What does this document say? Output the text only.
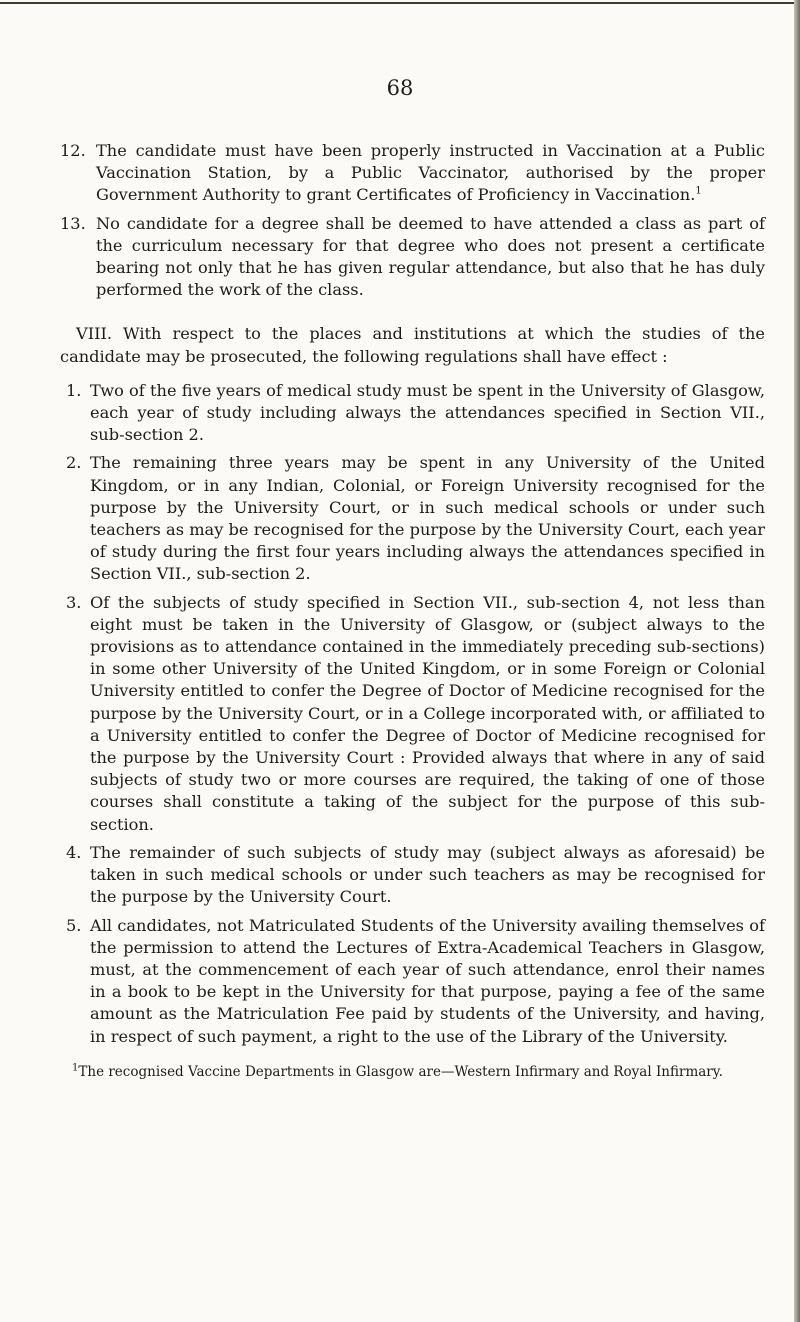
68
12. The candidate must have been properly instructed in Vaccination at a Public Vaccination Station, by a Public Vaccinator, authorised by the proper Government Authority to grant Certificates of Proficiency in Vaccination.$^1$
13. No candidate for a degree shall be deemed to have attended a class as part of the curriculum necessary for that degree who does not present a certificate bearing not only that he has given regular attendance, but also that he has duly performed the work of the class.

VIII. With respect to the places and institutions at which the studies of the candidate may be prosecuted, the following regulations shall have effect :

1. Two of the five years of medical study must be spent in the University of Glasgow, each year of study including always the attendances specified in Section VII., sub-section 2.
2. The remaining three years may be spent in any University of the United Kingdom, or in any Indian, Colonial, or Foreign University recognised for the purpose by the University Court, or in such medical schools or under such teachers as may be recognised for the purpose by the University Court, each year of study during the first four years including always the attendances specified in Section VII., sub-section 2.
3. Of the subjects of study specified in Section VII., sub-section 4, not less than eight must be taken in the University of Glasgow, or (subject always to the provisions as to attendance contained in the immediately preceding sub-sections) in some other University of the United Kingdom, or in some Foreign or Colonial University entitled to confer the Degree of Doctor of Medicine recognised for the purpose by the University Court, or in a College incorporated with, or affiliated to a University entitled to confer the Degree of Doctor of Medicine recognised for the purpose by the University Court : Provided always that where in any of said subjects of study two or more courses are required, the taking of one of those courses shall constitute a taking of the subject for the purpose of this sub-section.
4. The remainder of such subjects of study may (subject always as aforesaid) be taken in such medical schools or under such teachers as may be recognised for the purpose by the University Court.
5. All candidates, not Matriculated Students of the University availing themselves of the permission to attend the Lectures of Extra-Academical Teachers in Glasgow, must, at the commencement of each year of such attendance, enrol their names in a book to be kept in the University for that purpose, paying a fee of the same amount as the Matriculation Fee paid by students of the University, and having, in respect of such payment, a right to the use of the Library of the University.
$^1$The recognised Vaccine Departments in Glasgow are—Western Infirmary and Royal Infirmary.
